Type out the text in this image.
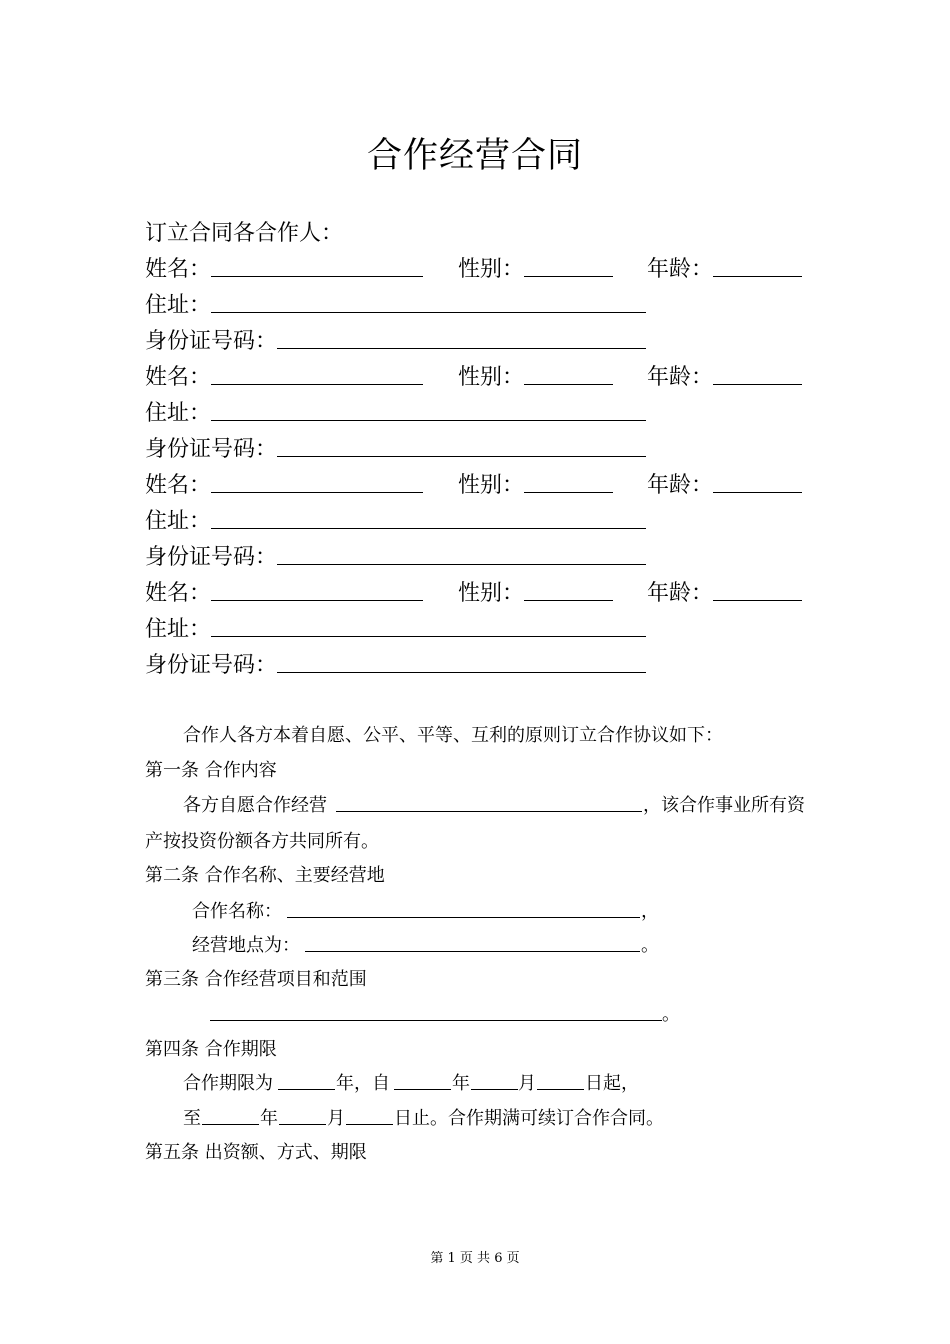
合作经营合同
订立合同各合作人：
姓名：	性别：	年龄：
住址：
身份证号码：
姓名：	性别：	年龄：
住址：
身份证号码：
姓名：	性别：	年龄：
住址：
身份证号码：
姓名：	性别：	年龄：
住址：
身份证号码：
合作人各方本着自愿、公平、平等、互利的原则订立合作协议如下：
第一条 合作内容
各方自愿合作经营	，该合作事业所有资
产按投资份额各方共同所有。
第二条 合作名称、主要经营地
合作名称：	，
经营地点为：	。
第三条 合作经营项目和范围
。
第四条 合作期限
合作期限为	年，自	年	月	日起，
至	年	月	日止。合作期满可续订合作合同。
第五条 出资额、方式、期限
第 1 页 共 6 页
